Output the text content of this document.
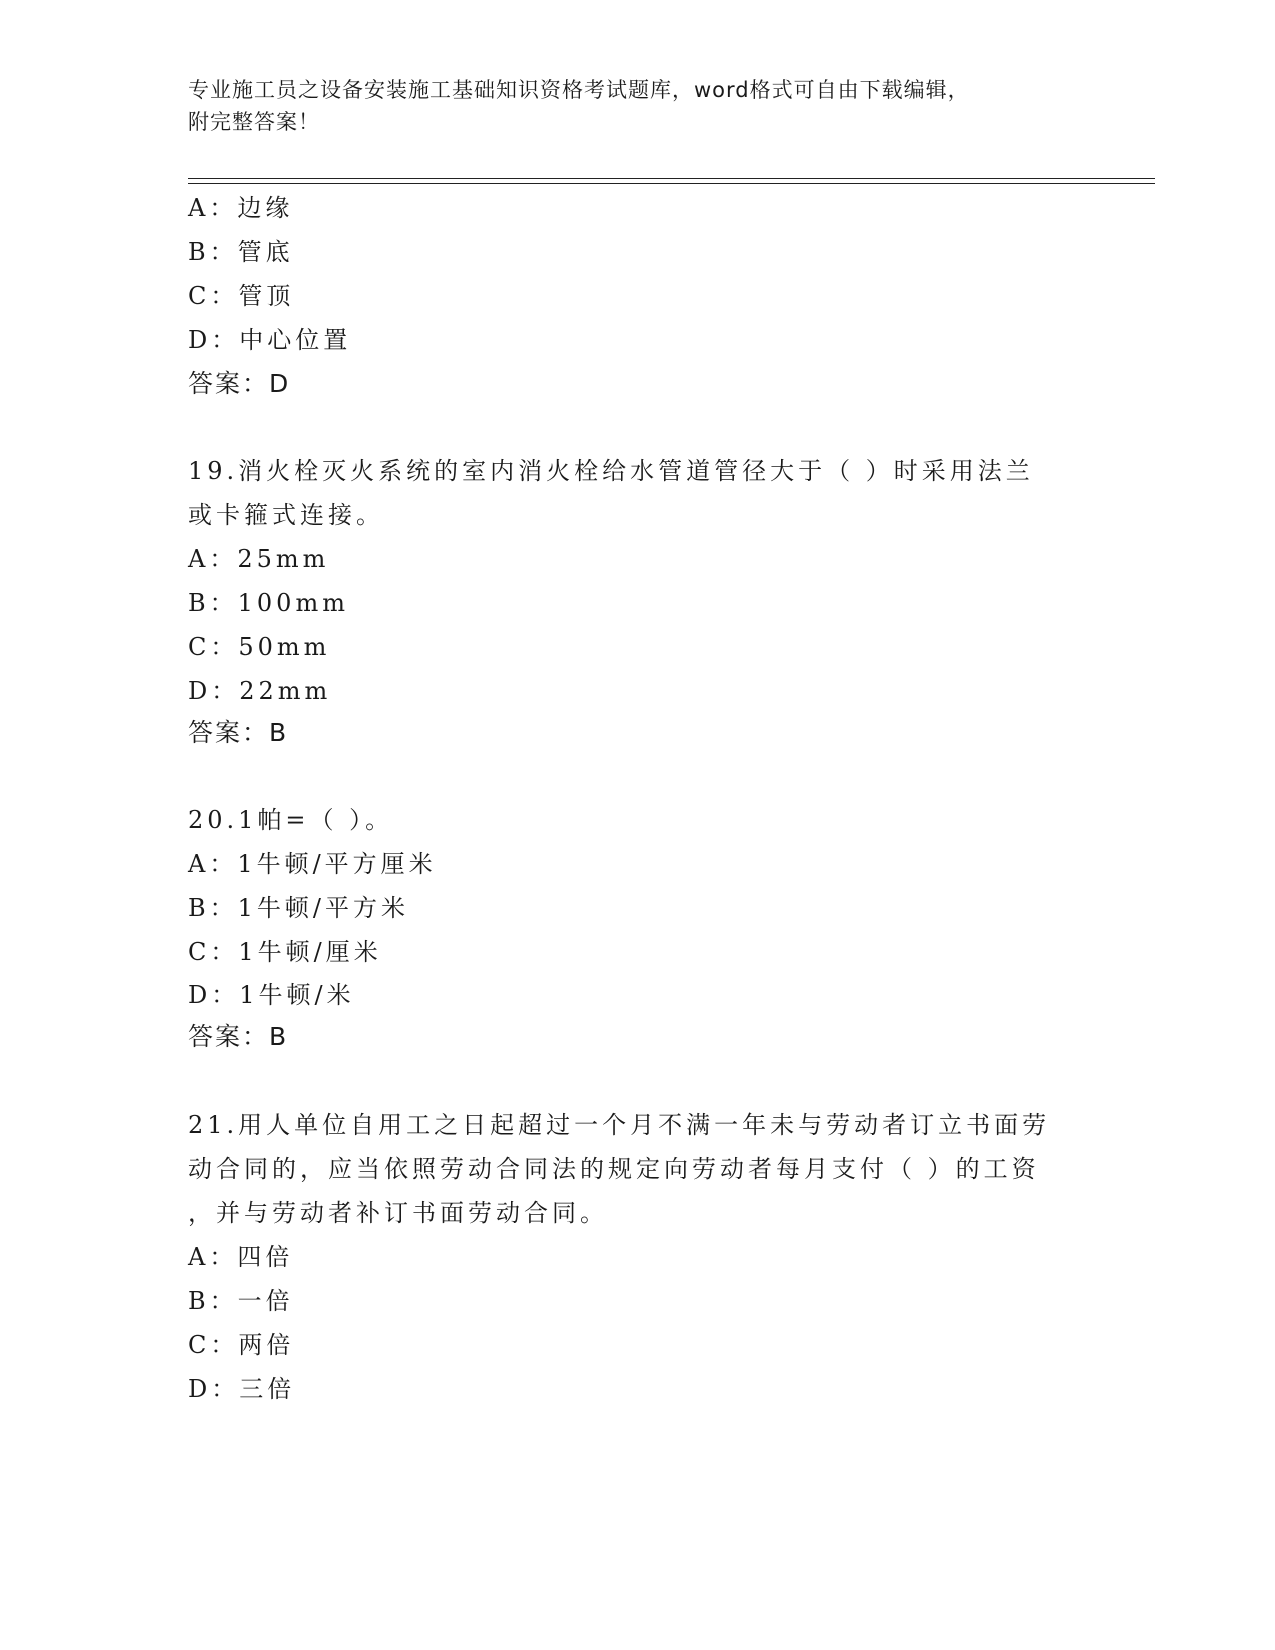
专业施工员之设备安装施工基础知识资格考试题库，word格式可自由下载编辑，

附完整答案！

A：边缘
B：管底
C：管顶
D：中心位置
答案：D
19.消火栓灭火系统的室内消火栓给水管道管径大于（ ）时采用法兰
或卡箍式连接。
A：25mm
B：100mm
C：50mm
D：22mm
答案：B
20.1帕=（ ）。
A：1牛顿/平方厘米
B：1牛顿/平方米
C：1牛顿/厘米
D：1牛顿/米
答案：B
21.用人单位自用工之日起超过一个月不满一年未与劳动者订立书面劳
动合同的，应当依照劳动合同法的规定向劳动者每月支付（ ）的工资
，并与劳动者补订书面劳动合同。
A：四倍
B：一倍
C：两倍
D：三倍
